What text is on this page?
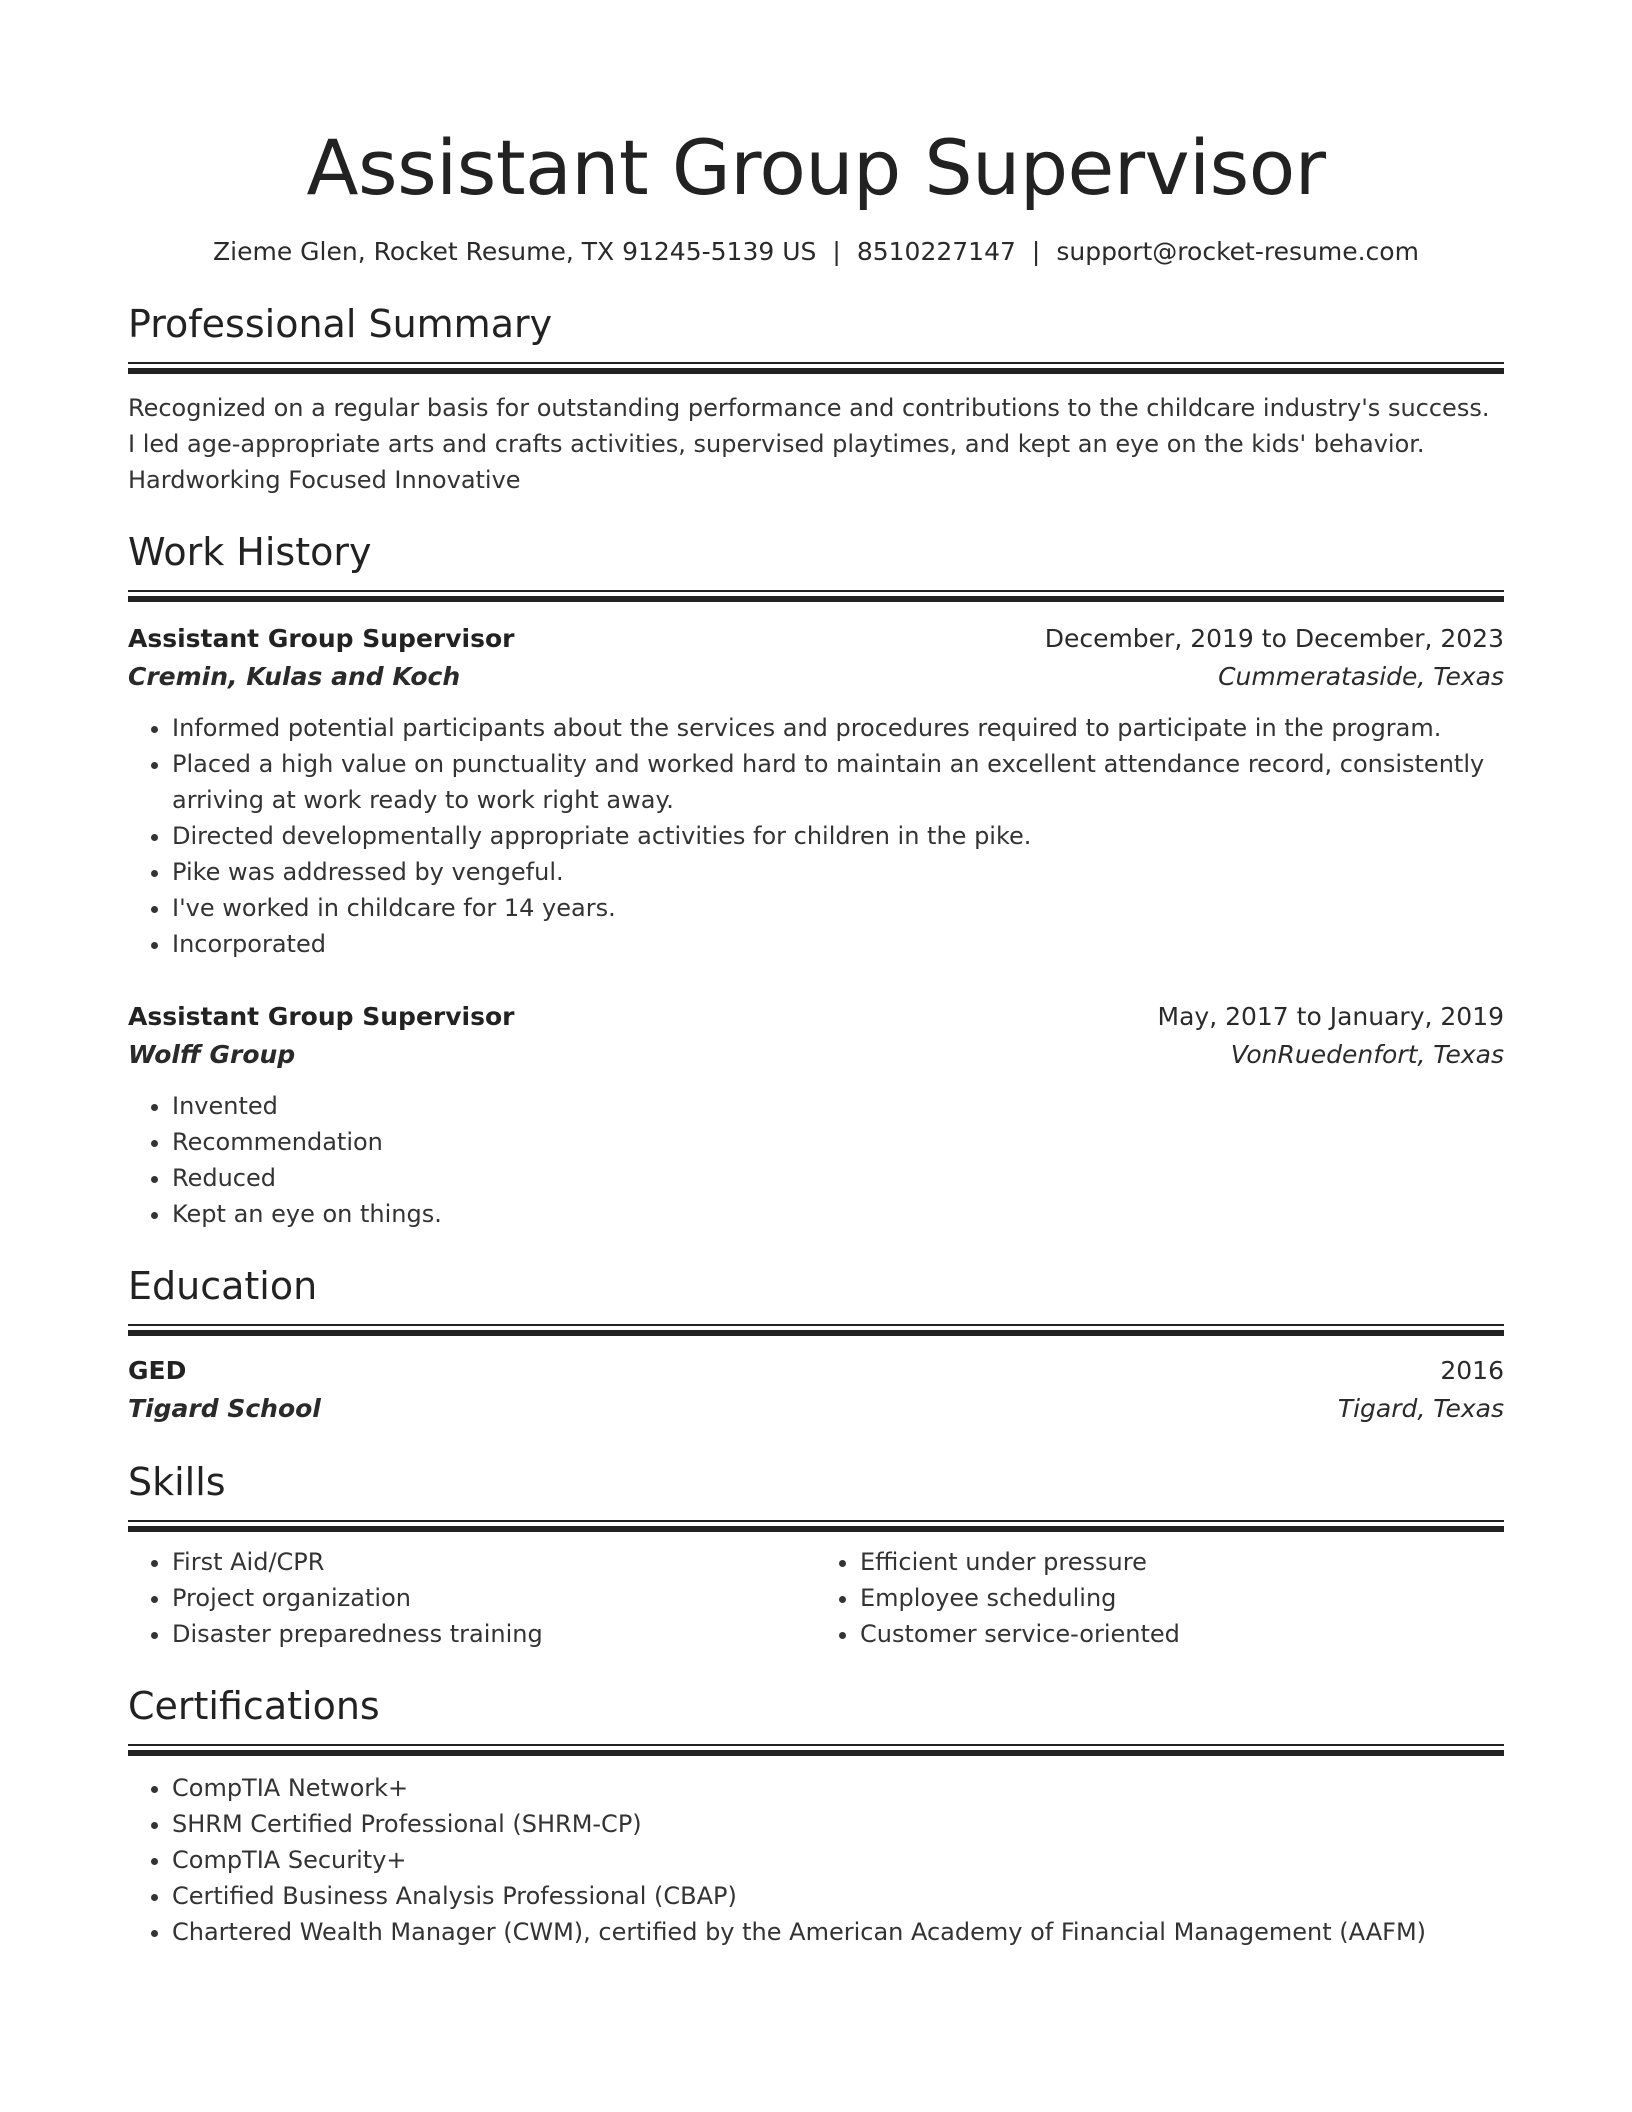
Assistant Group Supervisor
Zieme Glen, Rocket Resume, TX 91245-5139 US | 8510227147 | support@rocket-resume.com
Professional Summary
Recognized on a regular basis for outstanding performance and contributions to the childcare industry's success. I led age-appropriate arts and crafts activities, supervised playtimes, and kept an eye on the kids' behavior. Hardworking Focused Innovative
Work History
Assistant Group Supervisor	December, 2019 to December, 2023
Cremin, Kulas and Koch	Cummerataside, Texas
• Informed potential participants about the services and procedures required to participate in the program.
• Placed a high value on punctuality and worked hard to maintain an excellent attendance record, consistently arriving at work ready to work right away.
• Directed developmentally appropriate activities for children in the pike.
• Pike was addressed by vengeful.
• I've worked in childcare for 14 years.
• Incorporated
Assistant Group Supervisor	May, 2017 to January, 2019
Wolff Group	VonRuedenfort, Texas
• Invented
• Recommendation
• Reduced
• Kept an eye on things.
Education
GED	2016
Tigard School	Tigard, Texas
Skills
• First Aid/CPR
• Project organization
• Disaster preparedness training
• Efficient under pressure
• Employee scheduling
• Customer service-oriented
Certifications
• CompTIA Network+
• SHRM Certified Professional (SHRM-CP)
• CompTIA Security+
• Certified Business Analysis Professional (CBAP)
• Chartered Wealth Manager (CWM), certified by the American Academy of Financial Management (AAFM)
